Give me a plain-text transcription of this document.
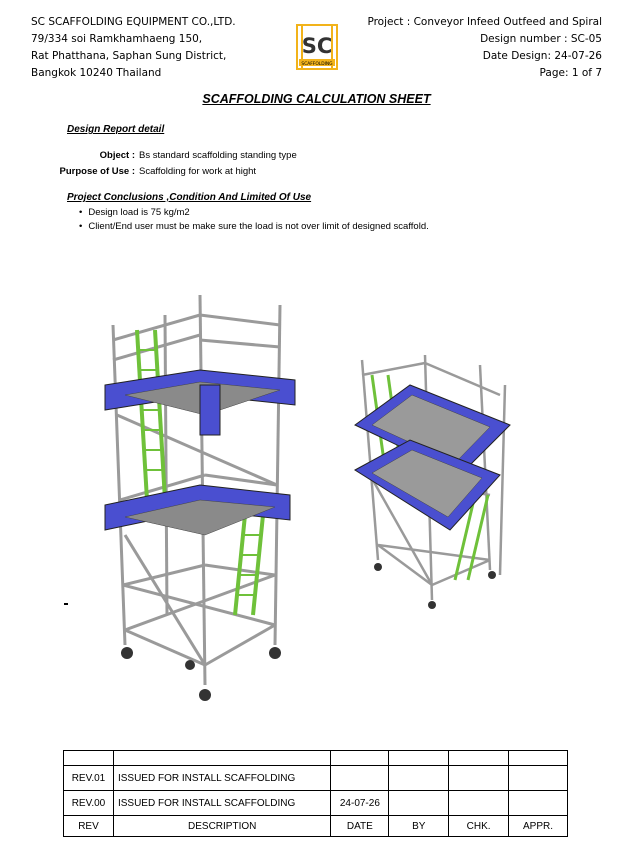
SC SCAFFOLDING EQUIPMENT CO.,LTD.
79/334 soi Ramkhamhaeng 150,
Rat Phatthana, Saphan Sung District,
Bangkok 10240 Thailand
SC
SCAFFOLDING
Project : Conveyor Infeed Outfeed and Spiral
Design number : SC-05
Date Design: 24-07-26
Page: 1 of 7
SCAFFOLDING CALCULATION SHEET
Design Report detail
Object : Bs standard scaffolding standing type
Purpose of Use : Scaffolding for work at hight
Project Conclusions ,Condition And Limited Of Use
• Design load is 75 kg/m2
• Client/End user must be make sure the load is not over limit of designed scaffold.

REV.01	ISSUED FOR INSTALL SCAFFOLDING				
REV.00	ISSUED FOR INSTALL SCAFFOLDING	24-07-26			
REV	DESCRIPTION	DATE	BY	CHK.	APPR.
